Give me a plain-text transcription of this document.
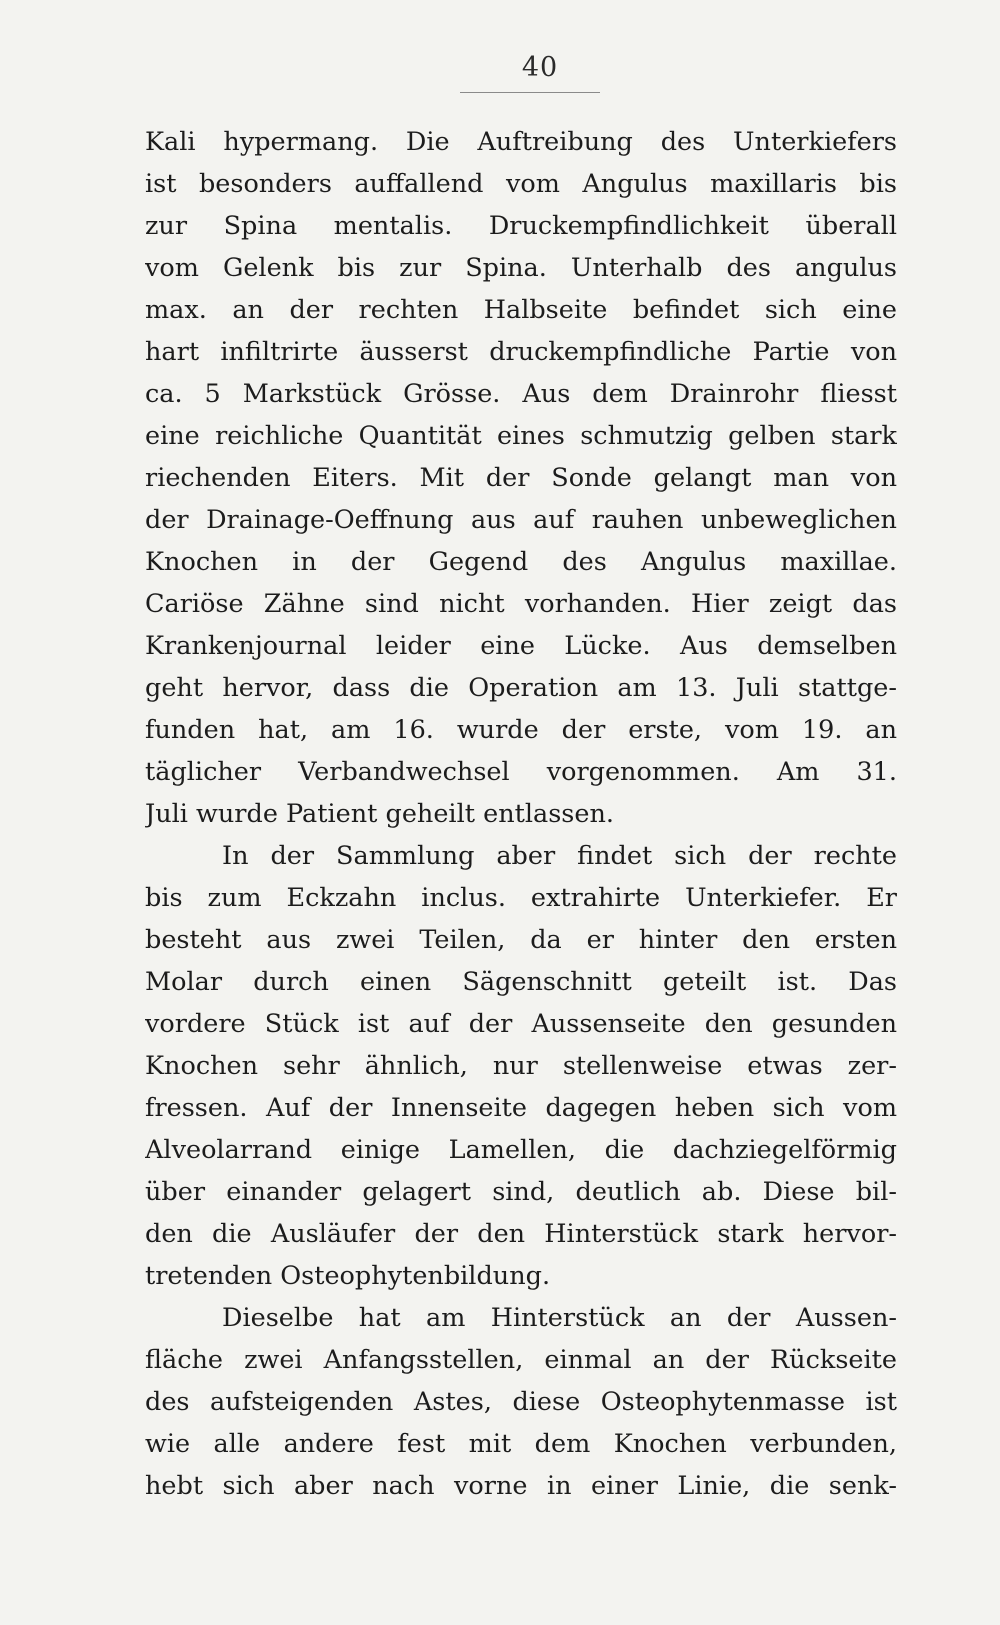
40
Kali hypermang. Die Auftreibung des Unterkiefers
ist besonders auffallend vom Angulus maxillaris bis
zur Spina mentalis. Druckempfindlichkeit überall
vom Gelenk bis zur Spina. Unterhalb des angulus
max. an der rechten Halbseite befindet sich eine
hart infiltrirte äusserst druckempfindliche Partie von
ca. 5 Markstück Grösse. Aus dem Drainrohr fliesst
eine reichliche Quantität eines schmutzig gelben stark
riechenden Eiters. Mit der Sonde gelangt man von
der Drainage-Oeffnung aus auf rauhen unbeweglichen
Knochen in der Gegend des Angulus maxillae.
Cariöse Zähne sind nicht vorhanden. Hier zeigt das
Krankenjournal leider eine Lücke. Aus demselben
geht hervor, dass die Operation am 13. Juli stattge-
funden hat, am 16. wurde der erste, vom 19. an
täglicher Verbandwechsel vorgenommen. Am 31.
Juli wurde Patient geheilt entlassen.
In der Sammlung aber findet sich der rechte
bis zum Eckzahn inclus. extrahirte Unterkiefer. Er
besteht aus zwei Teilen, da er hinter den ersten
Molar durch einen Sägenschnitt geteilt ist. Das
vordere Stück ist auf der Aussenseite den gesunden
Knochen sehr ähnlich, nur stellenweise etwas zer-
fressen. Auf der Innenseite dagegen heben sich vom
Alveolarrand einige Lamellen, die dachziegelförmig
über einander gelagert sind, deutlich ab. Diese bil-
den die Ausläufer der den Hinterstück stark hervor-
tretenden Osteophytenbildung.
Dieselbe hat am Hinterstück an der Aussen-
fläche zwei Anfangsstellen, einmal an der Rückseite
des aufsteigenden Astes, diese Osteophytenmasse ist
wie alle andere fest mit dem Knochen verbunden,
hebt sich aber nach vorne in einer Linie, die senk-
